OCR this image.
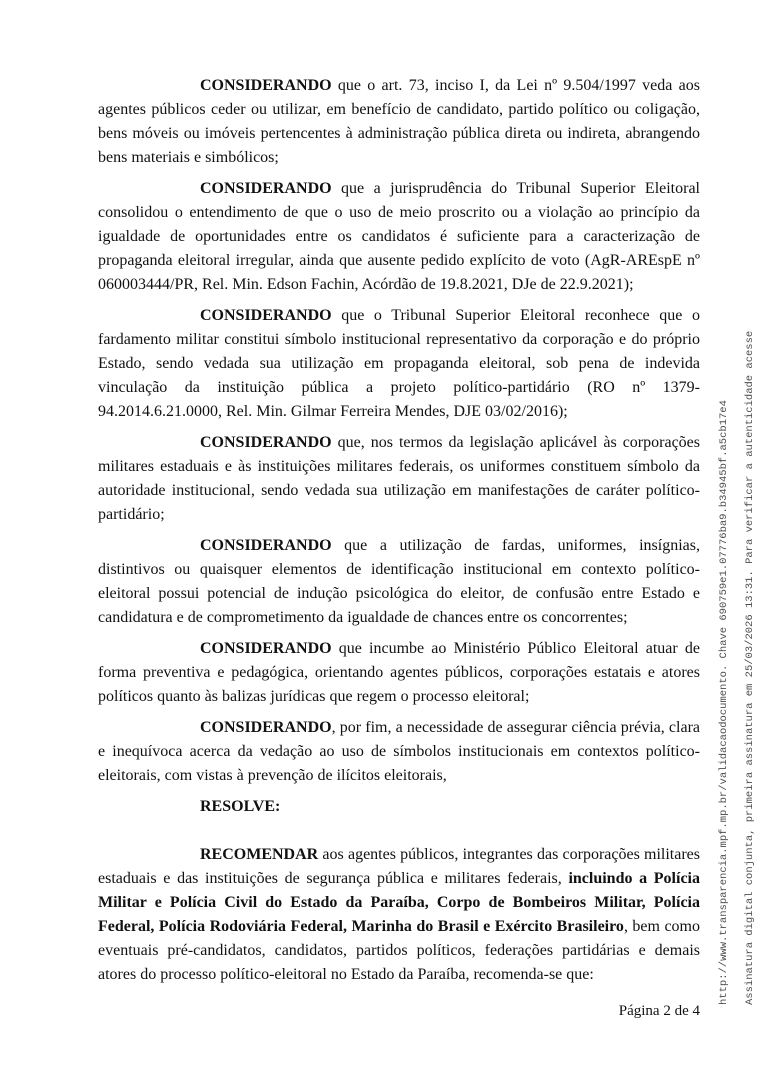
CONSIDERANDO que o art. 73, inciso I, da Lei nº 9.504/1997 veda aos agentes públicos ceder ou utilizar, em benefício de candidato, partido político ou coligação, bens móveis ou imóveis pertencentes à administração pública direta ou indireta, abrangendo bens materiais e simbólicos;

CONSIDERANDO que a jurisprudência do Tribunal Superior Eleitoral consolidou o entendimento de que o uso de meio proscrito ou a violação ao princípio da igualdade de oportunidades entre os candidatos é suficiente para a caracterização de propaganda eleitoral irregular, ainda que ausente pedido explícito de voto (AgR-AREspE nº 060003444/PR, Rel. Min. Edson Fachin, Acórdão de 19.8.2021, DJe de 22.9.2021);

CONSIDERANDO que o Tribunal Superior Eleitoral reconhece que o fardamento militar constitui símbolo institucional representativo da corporação e do próprio Estado, sendo vedada sua utilização em propaganda eleitoral, sob pena de indevida vinculação da instituição pública a projeto político-partidário (RO nº 1379-94.2014.6.21.0000, Rel. Min. Gilmar Ferreira Mendes, DJE 03/02/2016);

CONSIDERANDO que, nos termos da legislação aplicável às corporações militares estaduais e às instituições militares federais, os uniformes constituem símbolo da autoridade institucional, sendo vedada sua utilização em manifestações de caráter político-partidário;

CONSIDERANDO que a utilização de fardas, uniformes, insígnias, distintivos ou quaisquer elementos de identificação institucional em contexto político-eleitoral possui potencial de indução psicológica do eleitor, de confusão entre Estado e candidatura e de comprometimento da igualdade de chances entre os concorrentes;

CONSIDERANDO que incumbe ao Ministério Público Eleitoral atuar de forma preventiva e pedagógica, orientando agentes públicos, corporações estatais e atores políticos quanto às balizas jurídicas que regem o processo eleitoral;

CONSIDERANDO, por fim, a necessidade de assegurar ciência prévia, clara e inequívoca acerca da vedação ao uso de símbolos institucionais em contextos político-eleitorais, com vistas à prevenção de ilícitos eleitorais,

RESOLVE:

RECOMENDAR aos agentes públicos, integrantes das corporações militares estaduais e das instituições de segurança pública e militares federais, incluindo a Polícia Militar e Polícia Civil do Estado da Paraíba, Corpo de Bombeiros Militar, Polícia Federal, Polícia Rodoviária Federal, Marinha do Brasil e Exército Brasileiro, bem como eventuais pré-candidatos, candidatos, partidos políticos, federações partidárias e demais atores do processo político-eleitoral no Estado da Paraíba, recomenda-se que:	Assinatura digital conjunta, primeira assinatura em 25/03/2026 13:31. Para verificar a autenticidade acesse
http://www.transparencia.mpf.mp.br/validacaodocumento. Chave 690759e1.07776ba9.b34945bf.a5cb17e4
Página 2 de 4
